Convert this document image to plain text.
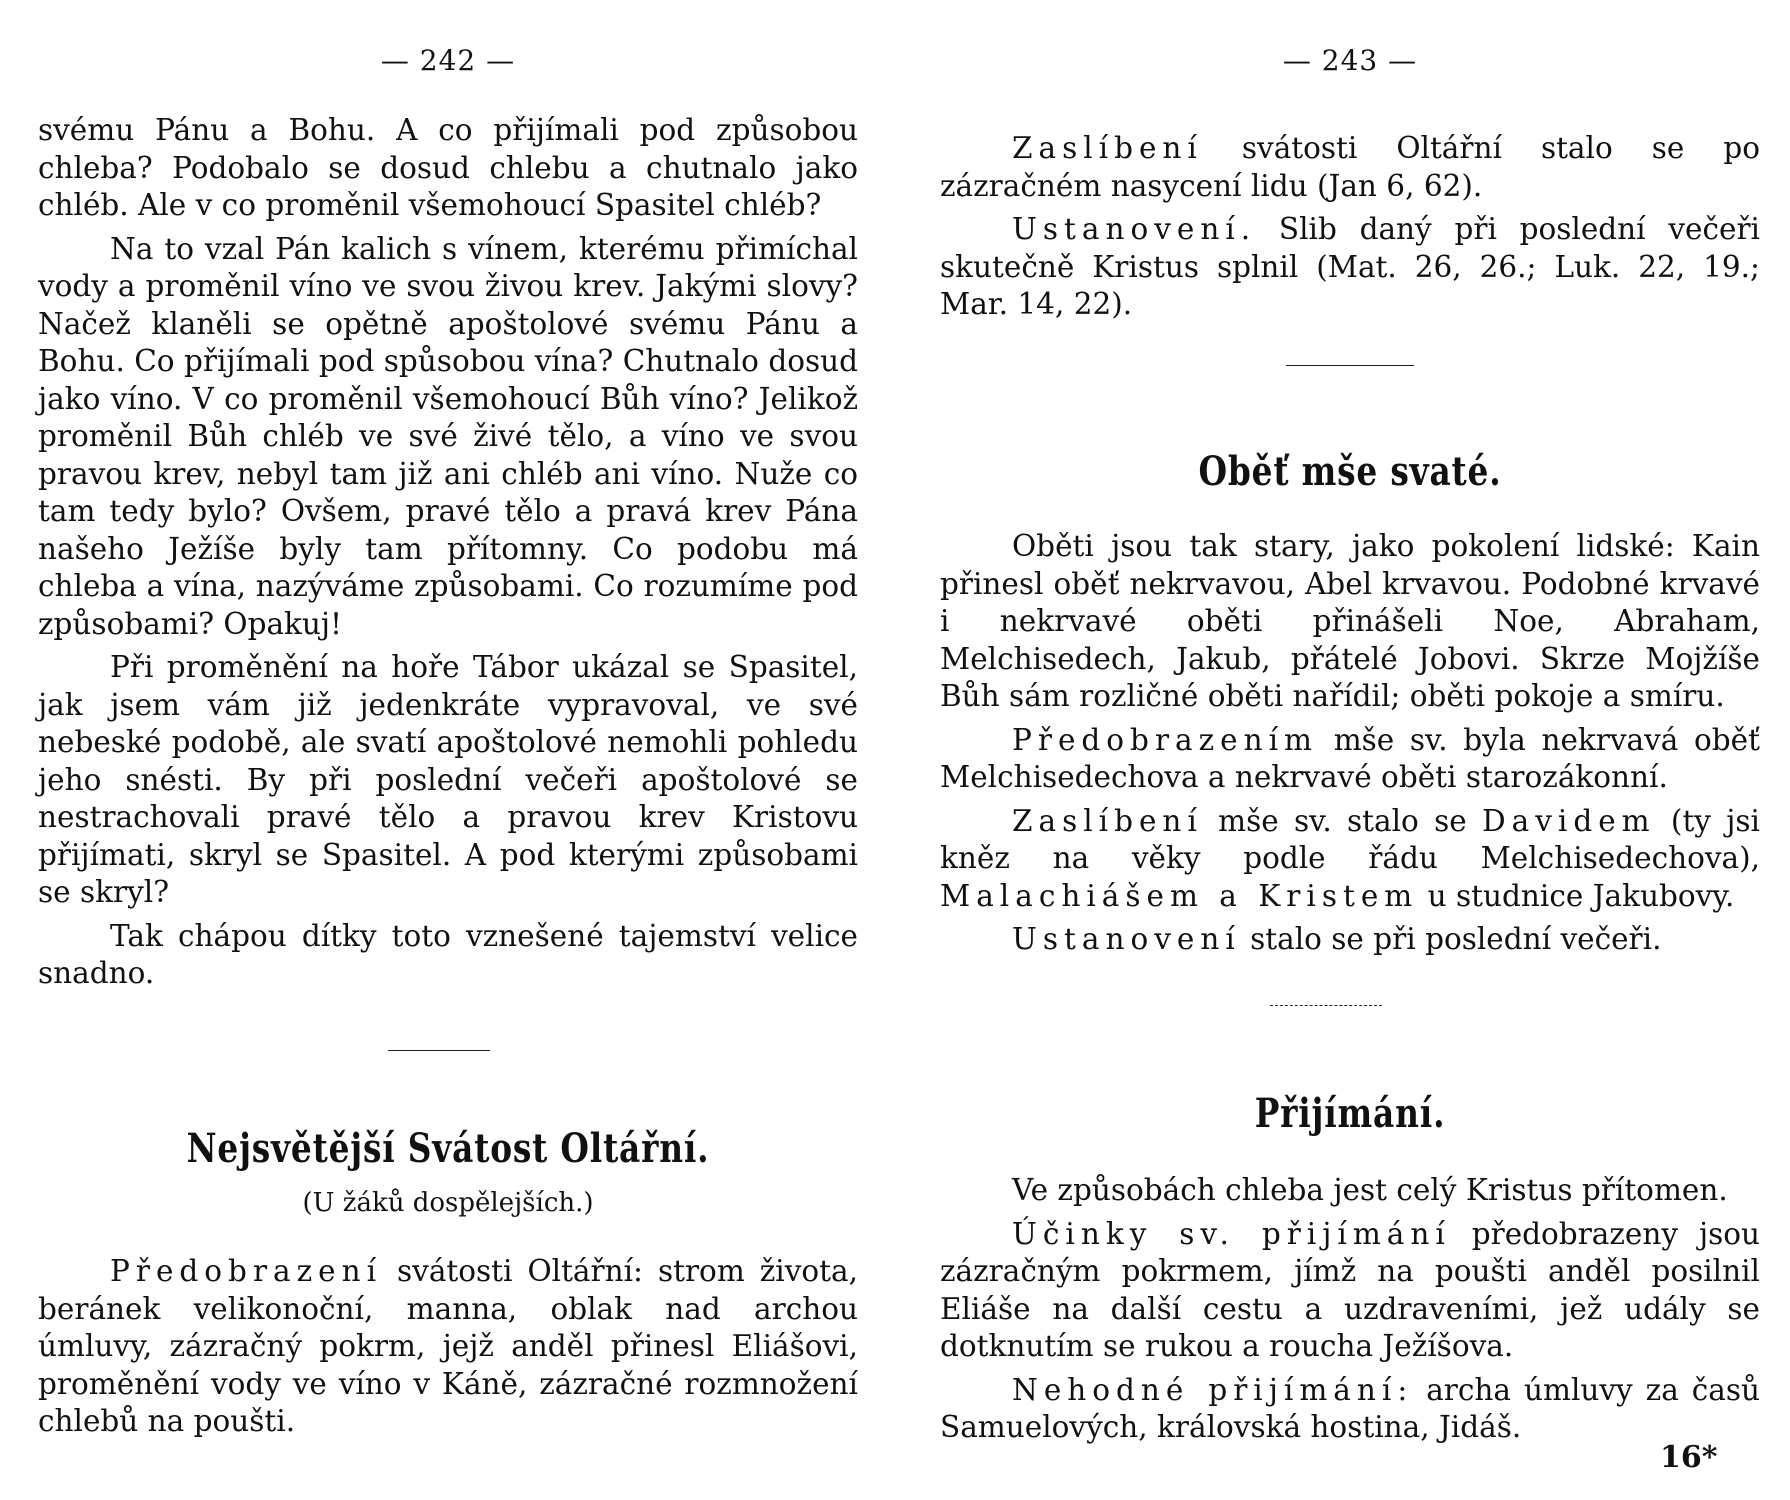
— 242 —

svému Pánu a Bohu. A co přijímali pod způsobou chleba? Podobalo se dosud chlebu a chutnalo jako chléb. Ale v co proměnil všemohoucí Spasitel chléb?

Na to vzal Pán kalich s vínem, kterému přimíchal vody a proměnil víno ve svou živou krev. Jakými slovy? Načež klaněli se opětně apoštolové svému Pánu a Bohu. Co přijímali pod spůsobou vína? Chutnalo dosud jako víno. V co proměnil všemohoucí Bůh víno? Jelikož proměnil Bůh chléb ve své živé tělo, a víno ve svou pravou krev, nebyl tam již ani chléb ani víno. Nuže co tam tedy bylo? Ovšem, pravé tělo a pravá krev Pána našeho Ježíše byly tam přítomny. Co podobu má chleba a vína, nazýváme způsobami. Co rozumíme pod způsobami? Opakuj!

Při proměnění na hoře Tábor ukázal se Spasitel, jak jsem vám již jedenkráte vypravoval, ve své nebeské podobě, ale svatí apoštolové nemohli pohledu jeho snésti. By při poslední večeři apoštolové se nestrachovali pravé tělo a pravou krev Kristovu přijímati, skryl se Spasitel. A pod kterými způsobami se skryl?

Tak chápou dítky toto vznešené tajemství velice snadno.

Nejsvětější Svátost Oltářní.
(U žáků dospělejších.)

Předobrazení svátosti Oltářní: strom života, beránek velikonoční, manna, oblak nad archou úmluvy, zázračný pokrm, jejž anděl přinesl Eliášovi, proměnění vody ve víno v Káně, zázračné rozmnožení chlebů na poušti.

— 243 —

Zaslíbení svátosti Oltářní stalo se po zázračném nasycení lidu (Jan 6, 62).

Ustanovení. Slib daný při poslední večeři skutečně Kristus splnil (Mat. 26, 26.; Luk. 22, 19.; Mar. 14, 22).

Oběť mše svaté.

Oběti jsou tak stary, jako pokolení lidské: Kain přinesl oběť nekrvavou, Abel krvavou. Podobné krvavé i nekrvavé oběti přinášeli Noe, Abraham, Melchisedech, Jakub, přátelé Jobovi. Skrze Mojžíše Bůh sám rozličné oběti nařídil; oběti pokoje a smíru.

Předobrazením mše sv. byla nekrvavá oběť Melchisedechova a nekrvavé oběti starozákonní.

Zaslíbení mše sv. stalo se Davidem (ty jsi kněz na věky podle řádu Melchisedechova), Malachiášem a Kristem u studnice Jakubovy.

Ustanovení stalo se při poslední večeři.

Přijímání.

Ve způsobách chleba jest celý Kristus přítomen.

Účinky sv. přijímání předobrazeny jsou zázračným pokrmem, jímž na poušti anděl posilnil Eliáše na další cestu a uzdraveními, jež udály se dotknutím se rukou a roucha Ježíšova.

Nehodné přijímání: archa úmluvy za časů Samuelových, královská hostina, Jidáš.

16*
